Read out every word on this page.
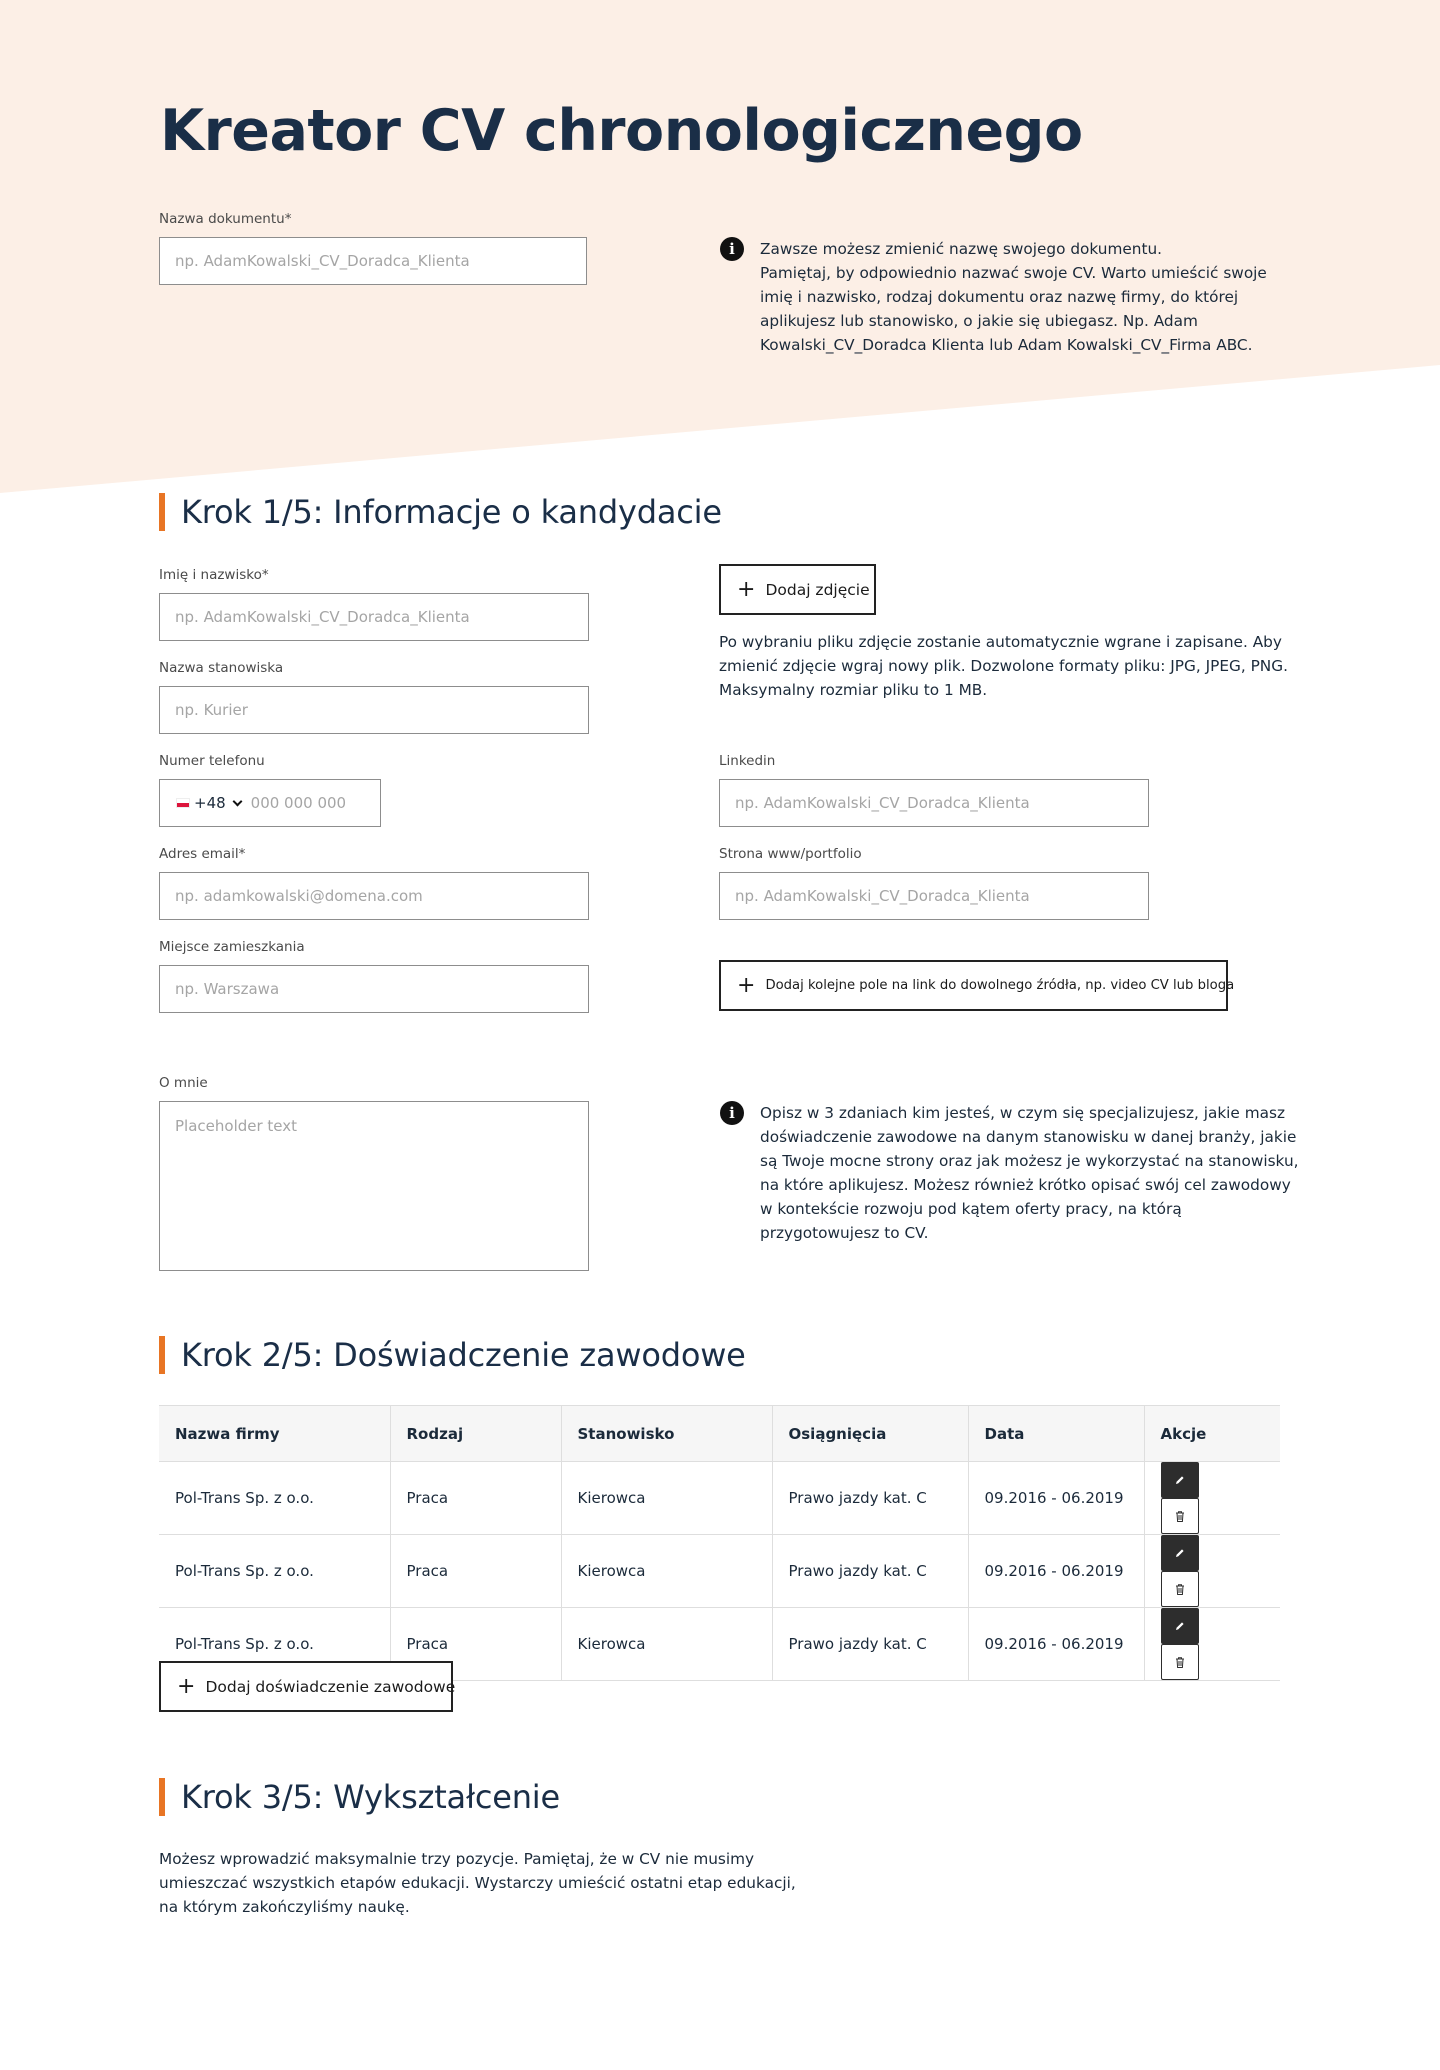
Kreator CV chronologicznego
Nazwa dokumentu*
np. AdamKowalski_CV_Doradca_Klienta
i	Zawsze możesz zmienić nazwę swojego dokumentu.
Pamiętaj, by odpowiednio nazwać swoje CV. Warto umieścić swoje
imię i nazwisko, rodzaj dokumentu oraz nazwę firmy, do której
aplikujesz lub stanowisko, o jakie się ubiegasz. Np. Adam
Kowalski_CV_Doradca Klienta lub Adam Kowalski_CV_Firma ABC.
Krok 1/5: Informacje o kandydacie
Imię i nazwisko*
np. AdamKowalski_CV_Doradca_Klienta
Nazwa stanowiska
np. Kurier
Numer telefonu
+48
000 000 000
Adres email*
np. adamkowalski@domena.com
Miejsce zamieszkania
np. Warszawa
+ Dodaj zdjęcie
Po wybraniu pliku zdjęcie zostanie automatycznie wgrane i zapisane. Aby
zmienić zdjęcie wgraj nowy plik. Dozwolone formaty pliku: JPG, JPEG, PNG.
Maksymalny rozmiar pliku to 1 MB.
Linkedin
np. AdamKowalski_CV_Doradca_Klienta
Strona www/portfolio
np. AdamKowalski_CV_Doradca_Klienta
+ Dodaj kolejne pole na link do dowolnego źródła, np. video CV lub bloga
O mnie
Placeholder text
i	Opisz w 3 zdaniach kim jesteś, w czym się specjalizujesz, jakie masz
doświadczenie zawodowe na danym stanowisku w danej branży, jakie
są Twoje mocne strony oraz jak możesz je wykorzystać na stanowisku,
na które aplikujesz. Możesz również krótko opisać swój cel zawodowy
w kontekście rozwoju pod kątem oferty pracy, na którą
przygotowujesz to CV.
Krok 2/5: Doświadczenie zawodowe
Nazwa firmy	Rodzaj	Stanowisko	Osiągnięcia	Data	Akcje
Pol-Trans Sp. z o.o.	Praca	Kierowca	Prawo jazdy kat. C	09.2016 - 06.2019	

Pol-Trans Sp. z o.o.	Praca	Kierowca	Prawo jazdy kat. C	09.2016 - 06.2019	

Pol-Trans Sp. z o.o.	Praca	Kierowca	Prawo jazdy kat. C	09.2016 - 06.2019	

+ Dodaj doświadczenie zawodowe
Krok 3/5: Wykształcenie
Możesz wprowadzić maksymalnie trzy pozycje. Pamiętaj, że w CV nie musimy
umieszczać wszystkich etapów edukacji. Wystarczy umieścić ostatni etap edukacji,
na którym zakończyliśmy naukę.
